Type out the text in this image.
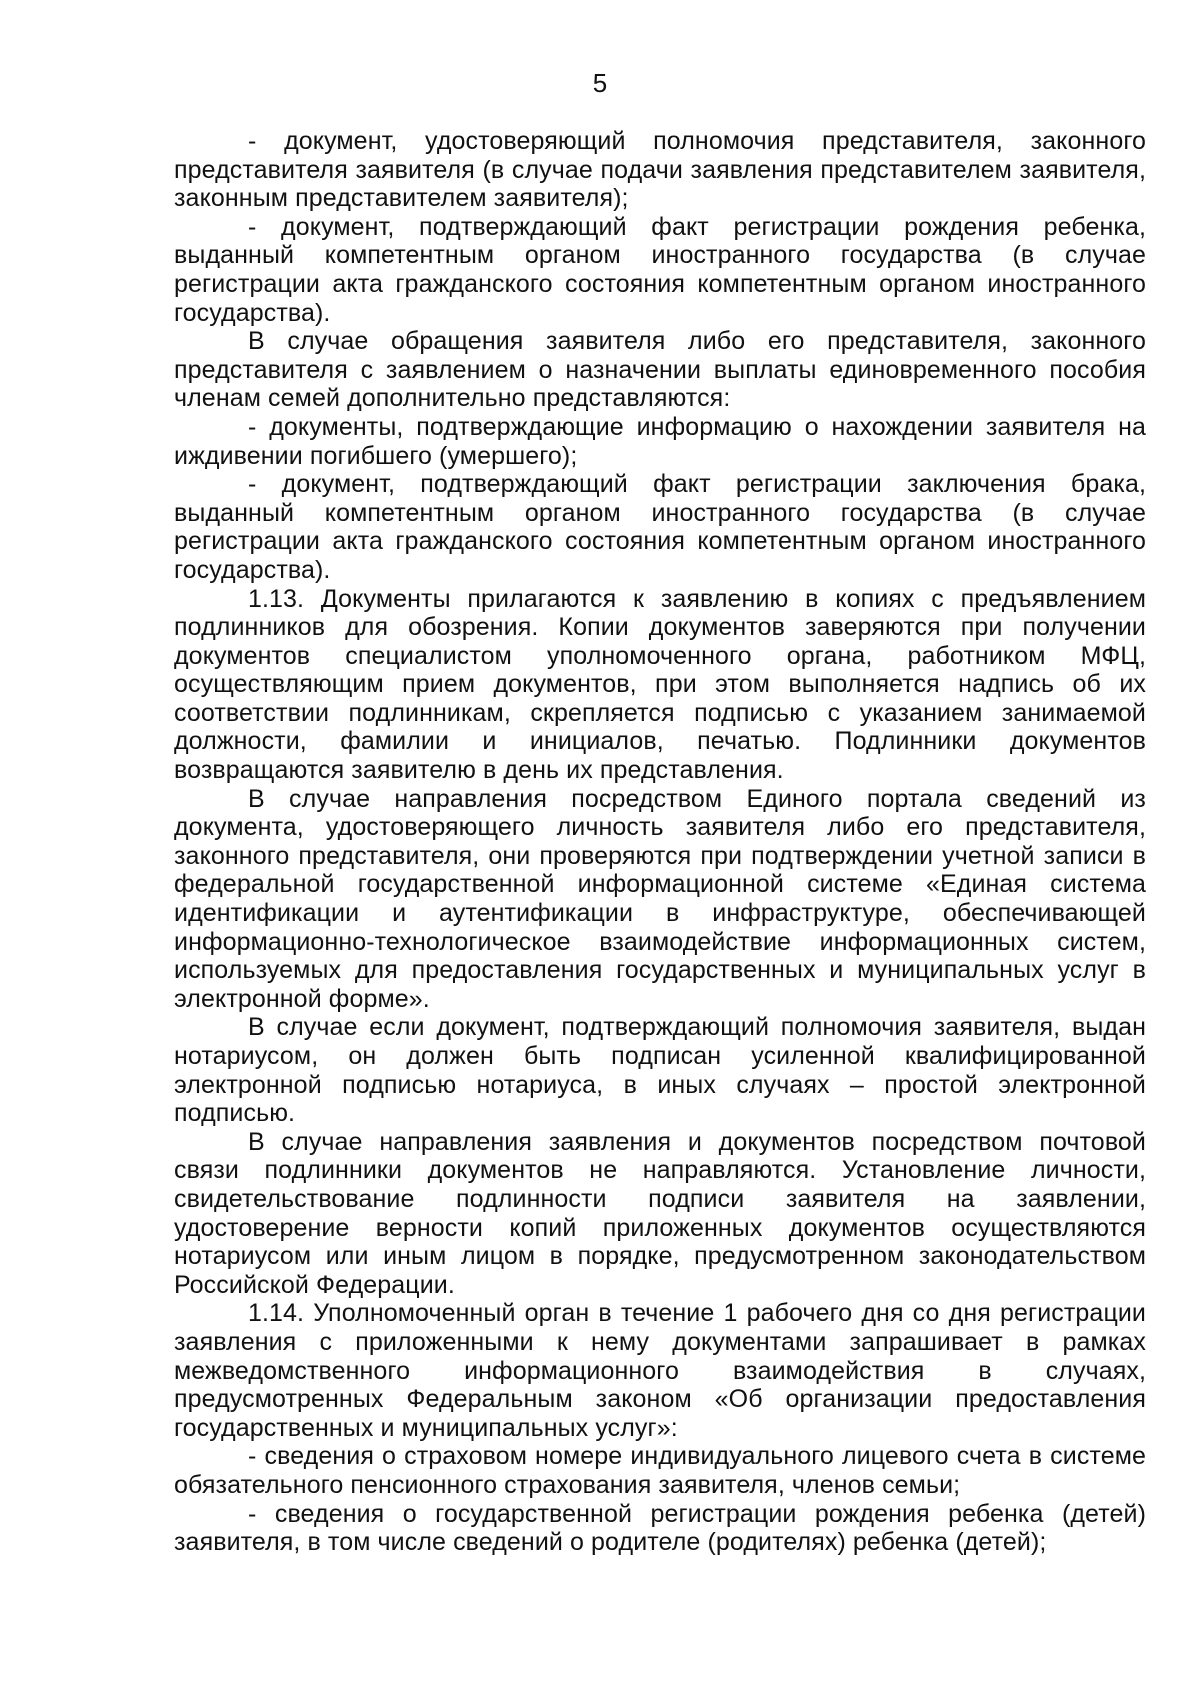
5

- документ, удостоверяющий полномочия представителя, законного представителя заявителя (в случае подачи заявления представителем заявителя, законным представителем заявителя);

- документ, подтверждающий факт регистрации рождения ребенка, выданный компетентным органом иностранного государства (в случае регистрации акта гражданского состояния компетентным органом иностранного государства).

В случае обращения заявителя либо его представителя, законного представителя с заявлением о назначении выплаты единовременного пособия членам семей дополнительно представляются:

- документы, подтверждающие информацию о нахождении заявителя на иждивении погибшего (умершего);

- документ, подтверждающий факт регистрации заключения брака, выданный компетентным органом иностранного государства (в случае регистрации акта гражданского состояния компетентным органом иностранного государства).

1.13. Документы прилагаются к заявлению в копиях с предъявлением подлинников для обозрения. Копии документов заверяются при получении документов специалистом уполномоченного органа, работником МФЦ, осуществляющим прием документов, при этом выполняется надпись об их соответствии подлинникам, скрепляется подписью с указанием занимаемой должности, фамилии и инициалов, печатью. Подлинники документов возвращаются заявителю в день их представления.

В случае направления посредством Единого портала сведений из документа, удостоверяющего личность заявителя либо его представителя, законного представителя, они проверяются при подтверждении учетной записи в федеральной государственной информационной системе «Единая система идентификации и аутентификации в инфраструктуре, обеспечивающей информационно-технологическое взаимодействие информационных систем, используемых для предоставления государственных и муниципальных услуг в электронной форме».

В случае если документ, подтверждающий полномочия заявителя, выдан нотариусом, он должен быть подписан усиленной квалифицированной электронной подписью нотариуса, в иных случаях – простой электронной подписью.

В случае направления заявления и документов посредством почтовой связи подлинники документов не направляются. Установление личности, свидетельствование подлинности подписи заявителя на заявлении, удостоверение верности копий приложенных документов осуществляются нотариусом или иным лицом в порядке, предусмотренном законодательством Российской Федерации.

1.14. Уполномоченный орган в течение 1 рабочего дня со дня регистрации заявления с приложенными к нему документами запрашивает в рамках межведомственного информационного взаимодействия в случаях, предусмотренных Федеральным законом «Об организации предоставления государственных и муниципальных услуг»:

- сведения о страховом номере индивидуального лицевого счета в системе обязательного пенсионного страхования заявителя, членов семьи;

- сведения о государственной регистрации рождения ребенка (детей) заявителя, в том числе сведений о родителе (родителях) ребенка (детей);
